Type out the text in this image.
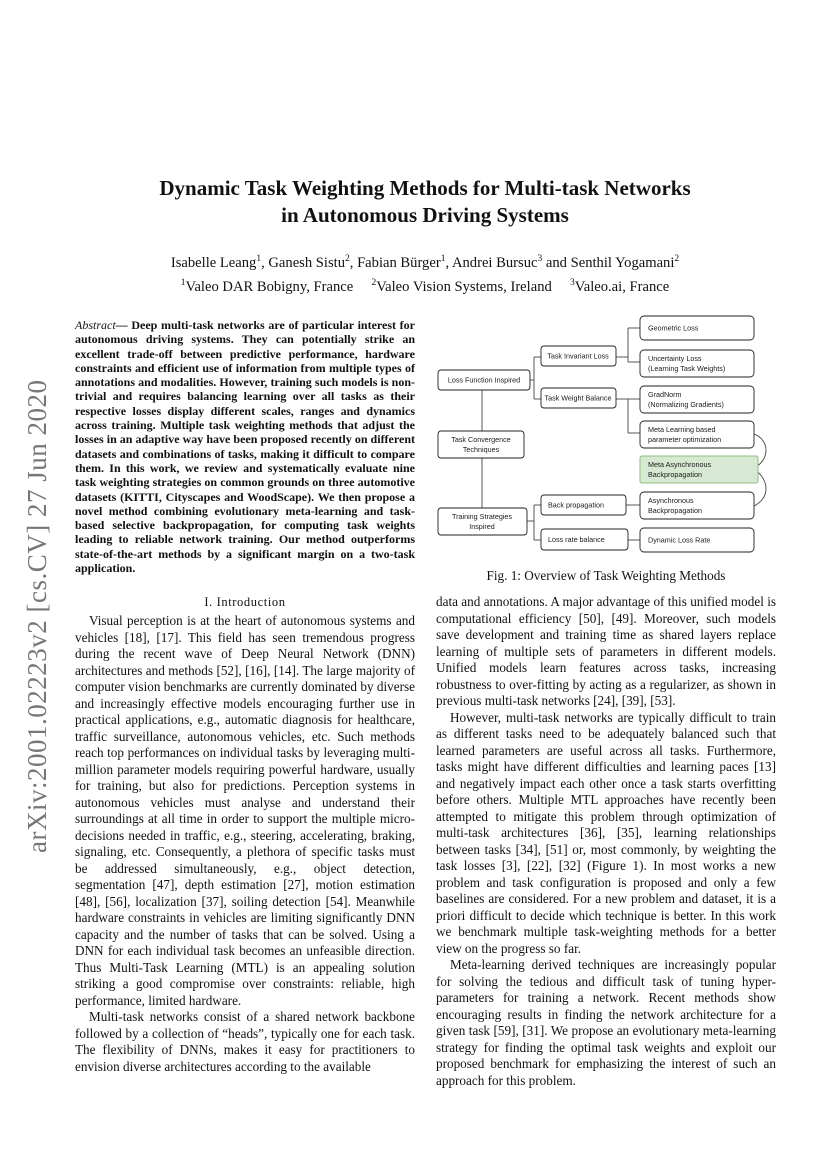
arXiv:2001.02223v2 [cs.CV] 27 Jun 2020
Dynamic Task Weighting Methods for Multi-task Networks
in Autonomous Driving Systems
Isabelle Leang$^1$, Ganesh Sistu$^2$, Fabian Bürger$^1$, Andrei Bursuc$^3$ and Senthil Yogamani$^2$
$^1$Valeo DAR Bobigny, France $^2$Valeo Vision Systems, Ireland $^3$Valeo.ai, France
Abstract— Deep multi-task networks are of particular interest for autonomous driving systems. They can potentially strike an excellent trade-off between predictive performance, hardware constraints and efficient use of information from multiple types of annotations and modalities. However, training such models is non-trivial and requires balancing learning over all tasks as their respective losses display different scales, ranges and dynamics across training. Multiple task weighting methods that adjust the losses in an adaptive way have been proposed recently on different datasets and combinations of tasks, making it difficult to compare them. In this work, we review and systematically evaluate nine task weighting strategies on common grounds on three automotive datasets (KITTI, Cityscapes and WoodScape). We then propose a novel method combining evolutionary meta-learning and task-based selective backpropagation, for computing task weights leading to reliable network training. Our method outperforms state-of-the-art methods by a significant margin on a two-task application.
Loss Function Inspired
Task Convergence
Techniques
Training Strategies
Inspired
Task Invariant Loss
Task Weight Balance
Back propagation
Loss rate balance
Geometric Loss
Uncertainty Loss
(Learning Task Weights)
GradNorm
(Normalizing Gradients)
Meta Learning based
parameter optimization
Meta Asynchronous
Backpropagation
Asynchronous
Backpropagation
Dynamic Loss Rate
Fig. 1: Overview of Task Weighting Methods
I. Introduction

Visual perception is at the heart of autonomous systems and vehicles [18], [17]. This field has seen tremendous progress during the recent wave of Deep Neural Network (DNN) architectures and methods [52], [16], [14]. The large majority of computer vision benchmarks are currently dominated by diverse and increasingly effective models encouraging further use in practical applications, e.g., automatic diagnosis for healthcare, traffic surveillance, autonomous vehicles, etc. Such methods reach top performances on individual tasks by leveraging multi-million parameter models requiring powerful hardware, usually for training, but also for predictions. Perception systems in autonomous vehicles must analyse and understand their surroundings at all time in order to support the multiple micro-decisions needed in traffic, e.g., steering, accelerating, braking, signaling, etc. Consequently, a plethora of specific tasks must be addressed simultaneously, e.g., object detection, segmentation [47], depth estimation [27], motion estimation [48], [56], localization [37], soiling detection [54]. Meanwhile hardware constraints in vehicles are limiting significantly DNN capacity and the number of tasks that can be solved. Using a DNN for each individual task becomes an unfeasible direction. Thus Multi-Task Learning (MTL) is an appealing solution striking a good compromise over constraints: reliable, high performance, limited hardware.

Multi-task networks consist of a shared network backbone followed by a collection of “heads”, typically one for each task. The flexibility of DNNs, makes it easy for practitioners to envision diverse architectures according to the available

data and annotations. A major advantage of this unified model is computational efficiency [50], [49]. Moreover, such models save development and training time as shared layers replace learning of multiple sets of parameters in different models. Unified models learn features across tasks, increasing robustness to over-fitting by acting as a regularizer, as shown in previous multi-task networks [24], [39], [53].

However, multi-task networks are typically difficult to train as different tasks need to be adequately balanced such that learned parameters are useful across all tasks. Furthermore, tasks might have different difficulties and learning paces [13] and negatively impact each other once a task starts overfitting before others. Multiple MTL approaches have recently been attempted to mitigate this problem through optimization of multi-task architectures [36], [35], learning relationships between tasks [34], [51] or, most commonly, by weighting the task losses [3], [22], [32] (Figure 1). In most works a new problem and task configuration is proposed and only a few baselines are considered. For a new problem and dataset, it is a priori difficult to decide which technique is better. In this work we benchmark multiple task-weighting methods for a better view on the progress so far.

Meta-learning derived techniques are increasingly popular for solving the tedious and difficult task of tuning hyper-parameters for training a network. Recent methods show encouraging results in finding the network architecture for a given task [59], [31]. We propose an evolutionary meta-learning strategy for finding the optimal task weights and exploit our proposed benchmark for emphasizing the interest of such an approach for this problem.
